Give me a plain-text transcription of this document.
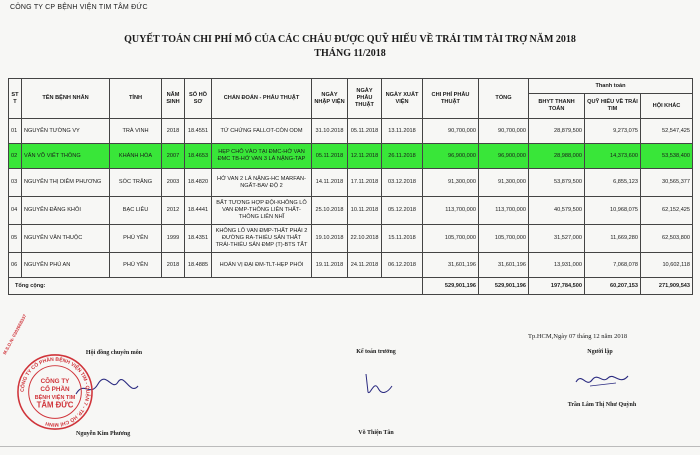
CÔNG TY CP BỆNH VIỆN TIM TÂM ĐỨC
QUYẾT TOÁN CHI PHÍ MỔ CỦA CÁC CHÁU ĐƯỢC QUỸ HIẾU VỀ TRÁI TIM TÀI TRỢ NĂM 2018
THÁNG 11/2018
ST T	TÊN BỆNH NHÂN	TỈNH	NĂM SINH	SỐ HỒ SƠ	CHẨN ĐOÁN - PHẪU THUẬT	NGÀY NHẬP VIỆN	NGÀY PHẪU THUẬT	NGÀY XUẤT VIỆN	CHI PHÍ PHẪU THUẬT	TỔNG	Thanh toán		
											BHYT THANH TOÁN	QUỸ HIẾU VỀ TRÁI TIM	HỘI KHÁC
01	NGUYỄN TƯỜNG VY	TRÀ VINH	2018	18.4551	TỨ CHỨNG FALLOT-CÒN ODM	31.10.2018	05.11.2018	13.11.2018	90,700,000	90,700,000	28,879,500	9,273,075	52,547,425
02	VĂN VÕ VIẾT THÔNG	KHÁNH HÒA	2007	18.4653	HẸP CHỖ VÀO TẠI ĐMC-HỞ VAN ĐMC TB-HỞ VAN 3 LÁ NẶNG-TAP	05.11.2018	12.11.2018	26.11.2018	96,900,000	96,900,000	28,988,000	14,373,600	53,538,400
03	NGUYỄN THỊ DIỄM PHƯƠNG	SÓC TRĂNG	2003	18.4820	HỞ VAN 2 LÁ NẶNG-HC MARFAN-NGẤT-BAV ĐỘ 2	14.11.2018	17.11.2018	03.12.2018	91,300,000	91,300,000	53,879,500	6,855,123	30,565,377
04	NGUYỄN ĐĂNG KHÔI	BẠC LIÊU	2012	18.4441	BẤT TƯƠNG HỢP ĐỘI-KHÔNG LỖ VAN ĐMP-THÔNG LIÊN THẤT-THÔNG LIÊN NHĨ	25.10.2018	10.11.2018	05.12.2018	113,700,000	113,700,000	40,579,500	10,968,075	62,152,425
05	NGUYỄN VĂN THUỘC	PHÚ YÊN	1999	18.4351	KHÔNG LỖ VAN ĐMP-THẤT PHẢI 2 ĐƯỜNG RA-THIỂU SẢN THẤT TRÁI-THIỂU SẢN ĐMP (T)-BTS TẮT	19.10.2018	22.10.2018	15.11.2018	105,700,000	105,700,000	31,527,000	11,669,280	62,503,800
06	NGUYỄN PHÚ AN	PHÚ YÊN	2018	18.4885	HOÁN VỊ ĐẠI ĐM-TLT-HẸP PHỔI	19.11.2018	24.11.2018	06.12.2018	31,601,196	31,601,196	13,931,000	7,068,078	10,602,118
Tổng cộng:									529,901,196	529,901,196	197,784,500	60,207,153	271,909,543
Tp.HCM,Ngày 07 tháng 12 năm 2018
Hội đồng chuyên môn
Nguyễn Kim Phương
CÔNG TY CỔ PHẦN BỆNH VIỆN TIM - QUẬN 7 - TP. HỒ CHÍ MINH
CÔNG TY
CỔ PHẦN
BỆNH VIỆN TIM
TÂM ĐỨC
M.S.D.N: 0302668337	Kế toán trưởng
Võ Thiện Tân
Người lập
Trần Lâm Thị Như Quỳnh
